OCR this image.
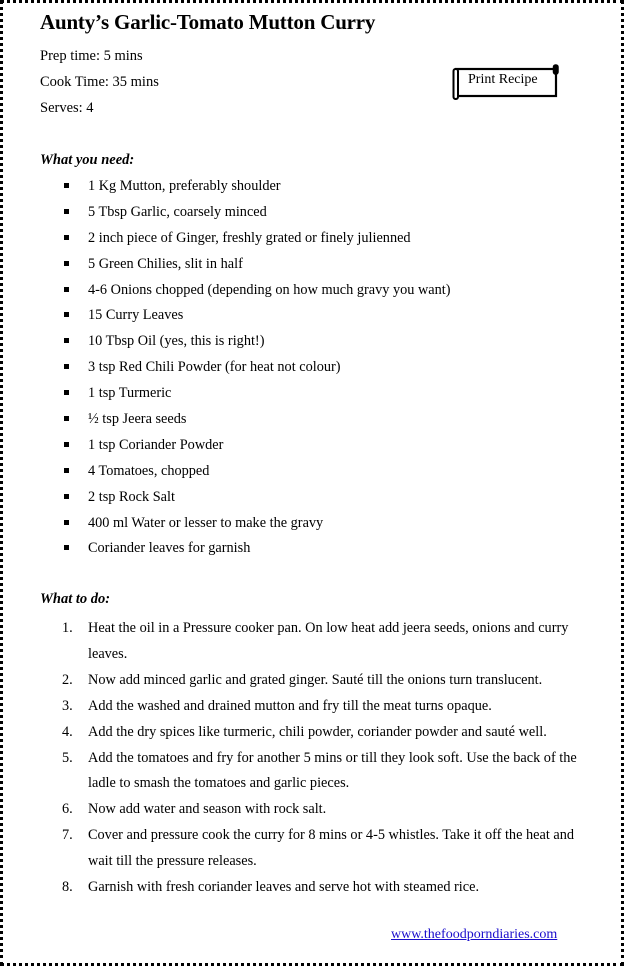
Aunty’s Garlic-Tomato Mutton Curry
Prep time: 5 mins
Cook Time: 35 mins
Serves: 4
Print Recipe
What you need:
1 Kg Mutton, preferably shoulder
5 Tbsp Garlic, coarsely minced
2 inch piece of Ginger, freshly grated or finely julienned
5 Green Chilies, slit in half
4-6 Onions chopped (depending on how much gravy you want)
15 Curry Leaves
10 Tbsp Oil (yes, this is right!)
3 tsp Red Chili Powder (for heat not colour)
1 tsp Turmeric
½ tsp Jeera seeds
1 tsp Coriander Powder
4 Tomatoes, chopped
2 tsp Rock Salt
400 ml Water or lesser to make the gravy
Coriander leaves for garnish
What to do:
1. Heat the oil in a Pressure cooker pan. On low heat add jeera seeds, onions and curry leaves.
2. Now add minced garlic and grated ginger. Sauté till the onions turn translucent.
3. Add the washed and drained mutton and fry till the meat turns opaque.
4. Add the dry spices like turmeric, chili powder, coriander powder and sauté well.
5. Add the tomatoes and fry for another 5 mins or till they look soft. Use the back of the ladle to smash the tomatoes and garlic pieces.
6. Now add water and season with rock salt.
7. Cover and pressure cook the curry for 8 mins or 4-5 whistles. Take it off the heat and wait till the pressure releases.
8. Garnish with fresh coriander leaves and serve hot with steamed rice.
www.thefoodporndiaries.com
